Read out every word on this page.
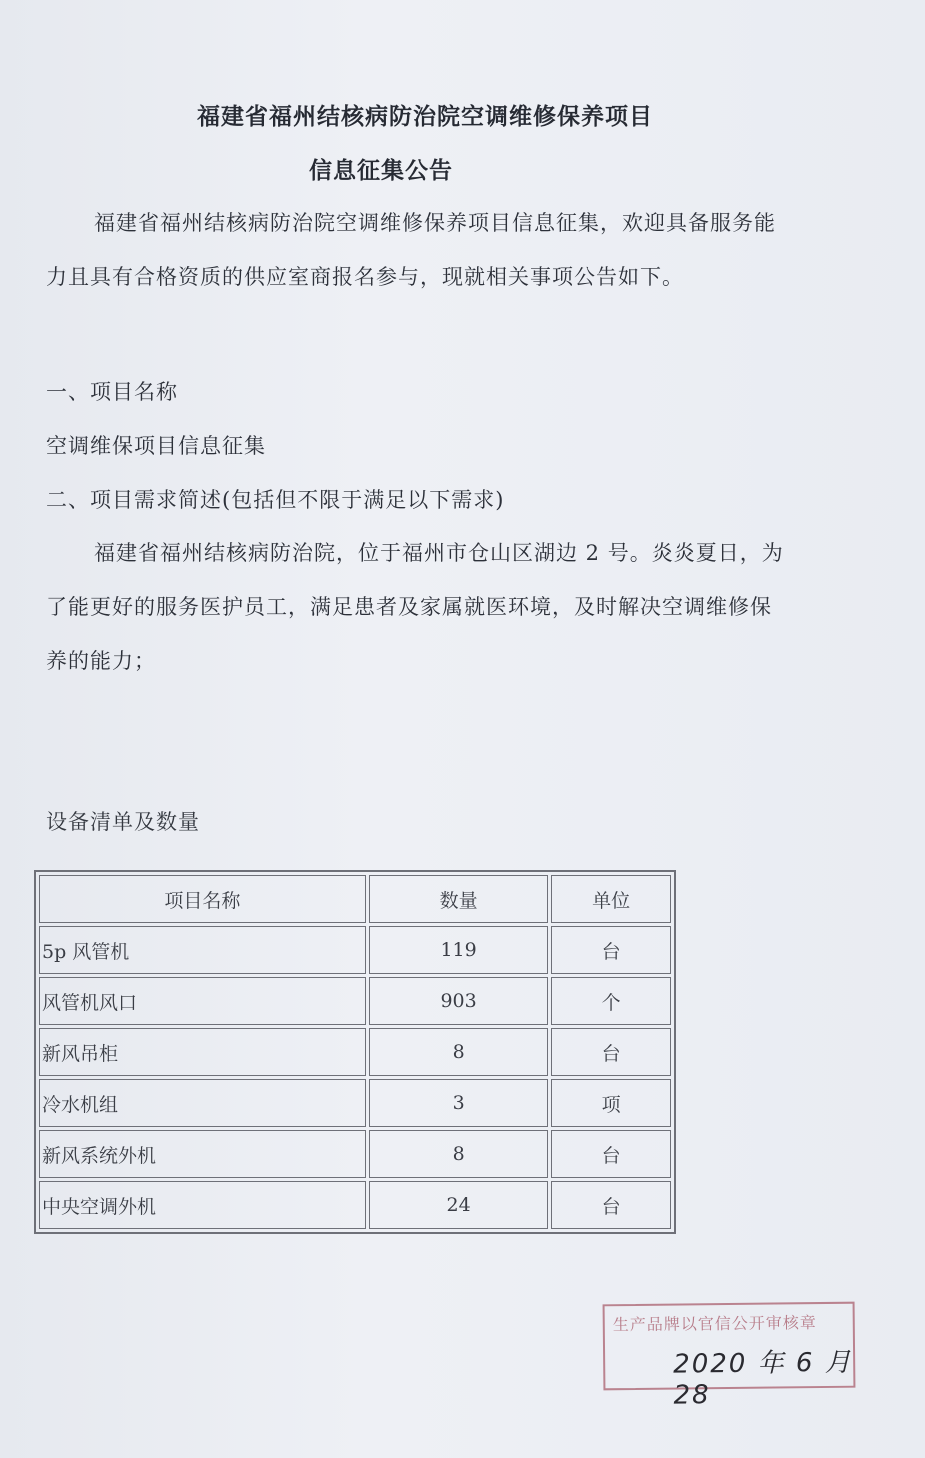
福建省福州结核病防治院空调维修保养项目
信息征集公告

福建省福州结核病防治院空调维修保养项目信息征集，欢迎具备服务能力且具有合格资质的供应室商报名参与，现就相关事项公告如下。

一、项目名称

空调维保项目信息征集

二、项目需求简述(包括但不限于满足以下需求)

福建省福州结核病防治院，位于福州市仓山区湖边 2 号。炎炎夏日，为了能更好的服务医护员工，满足患者及家属就医环境，及时解决空调维修保养的能力；

设备清单及数量

项目名称	数量	单位
5p 风管机	119	台
风管机风口	903	个
新风吊柜	8	台
冷水机组	3	项
新风系统外机	8	台
中央空调外机	24	台
生产品牌以官信公开审核章
2020 年 6 月 28
